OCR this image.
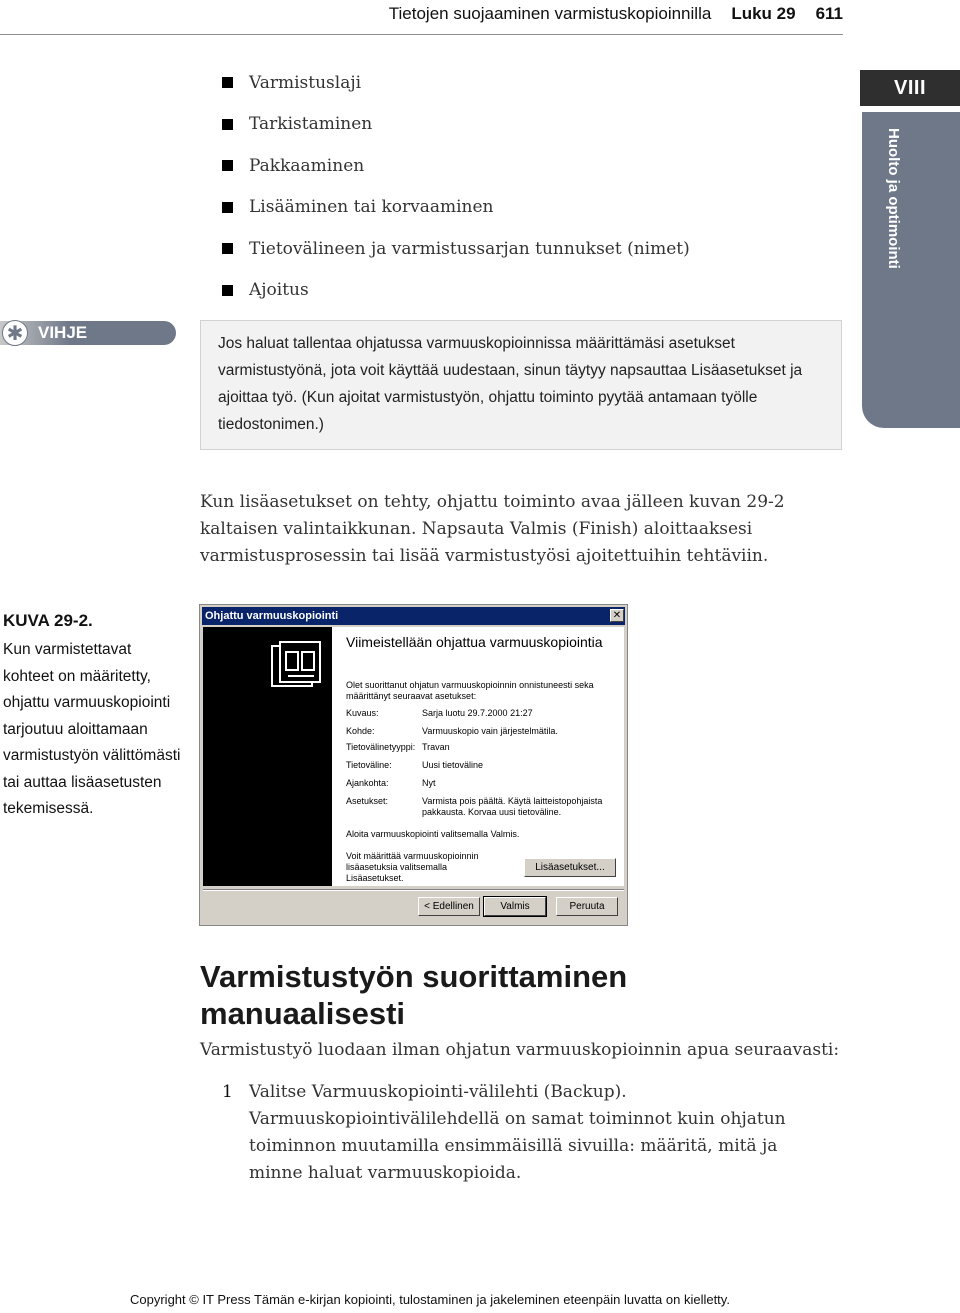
Tietojen suojaaminen varmistuskopioinnilla Luku 29 611
VIII
Huolto ja optimointi
Varmistuslaji
Tarkistaminen
Pakkaaminen
Lisääminen tai korvaaminen
Tietovälineen ja varmistussarjan tunnukset (nimet)
Ajoitus
✱ VIHJE

Jos haluat tallentaa ohjatussa varmuuskopioinnissa määrittämäsi asetukset varmistustyönä, jota voit käyttää uudestaan, sinun täytyy napsauttaa Lisäasetukset ja ajoittaa työ. (Kun ajoitat varmistustyön, ohjattu toiminto pyytää antamaan työlle tiedostonimen.)

Kun lisäasetukset on tehty, ohjattu toiminto avaa jälleen kuvan 29-2 kaltaisen valintaikkunan. Napsauta Valmis (Finish) aloittaaksesi varmistusprosessin tai lisää varmistustyösi ajoitettuihin tehtäviin.

KUVA 29-2.

Kun varmistettavat kohteet on määritetty, ohjattu varmuuskopiointi tarjoutuu aloittamaan varmistustyön välittömästi tai auttaa lisäasetusten tekemisessä.

Ohjattu varmuuskopiointi	✕

Viimeistellään ohjattua varmuuskopiointia

Olet suorittanut ohjatun varmuuskopioinnin onnistuneesti seka määrittänyt seuraavat asetukset:

Kuvaus:	Sarja luotu 29.7.2000 21:27
Kohde:	Varmuuskopio vain järjestelmätila.
Tietovälinetyyppi: Travan
Tietoväline:	Uusi tietoväline
Ajankohta:	Nyt
Asetukset:	Varmista pois päältä. Käytä laitteistopohjaista pakkausta. Korvaa uusi tietoväline.

Aloita varmuuskopiointi valitsemalla Valmis.

Voit määrittää varmuuskopioinnin lisäasetuksia valitsemalla Lisäasetukset.

Lisäasetukset...
< Edellinen	Valmis	Peruuta
Varmistustyön suorittaminen manuaalisesti

Varmistustyö luodaan ilman ohjatun varmuuskopioinnin apua seuraavasti:

1 Valitse Varmuuskopiointi-välilehti (Backup). Varmuuskopiointivälilehdellä on samat toiminnot kuin ohjatun toiminnon muutamilla ensimmäisillä sivuilla: määritä, mitä ja minne haluat varmuuskopioida.

Copyright © IT Press Tämän e-kirjan kopiointi, tulostaminen ja jakeleminen eteenpäin luvatta on kielletty.
